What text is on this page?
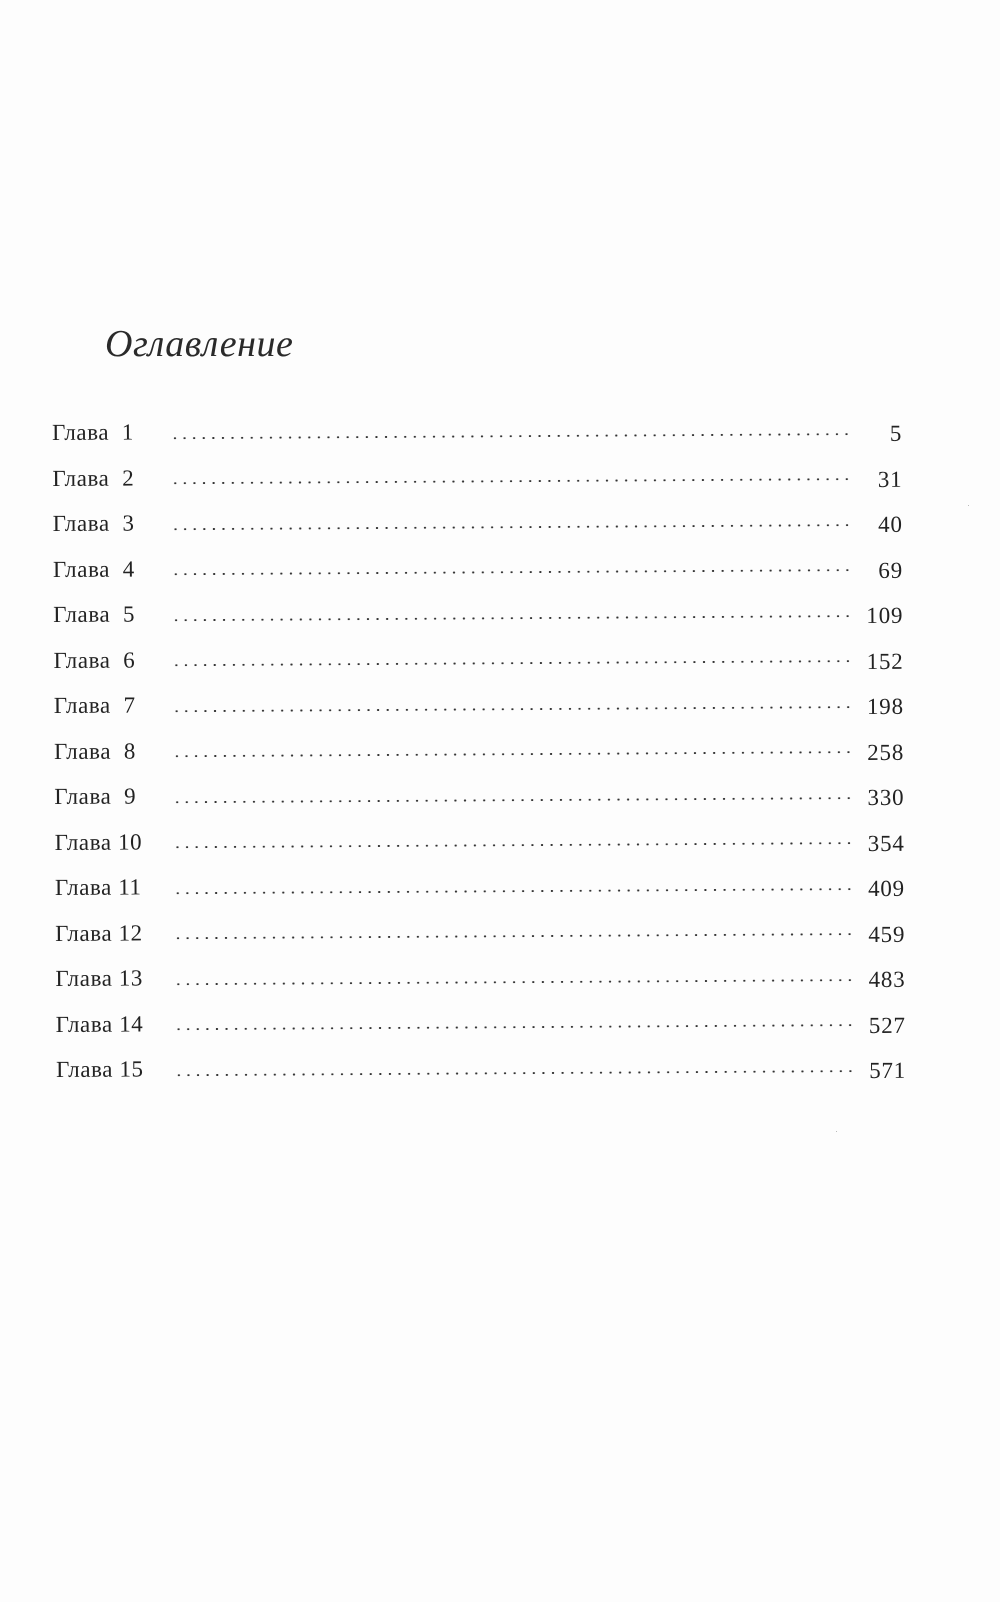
Оглавление
Глава 1	5
Глава 2	31
Глава 3	40
Глава 4	69
Глава 5	109
Глава 6	152
Глава 7	198
Глава 8	258
Глава 9	330
Глава 10	354
Глава 11	409
Глава 12	459
Глава 13	483
Глава 14	527
Глава 15	571
